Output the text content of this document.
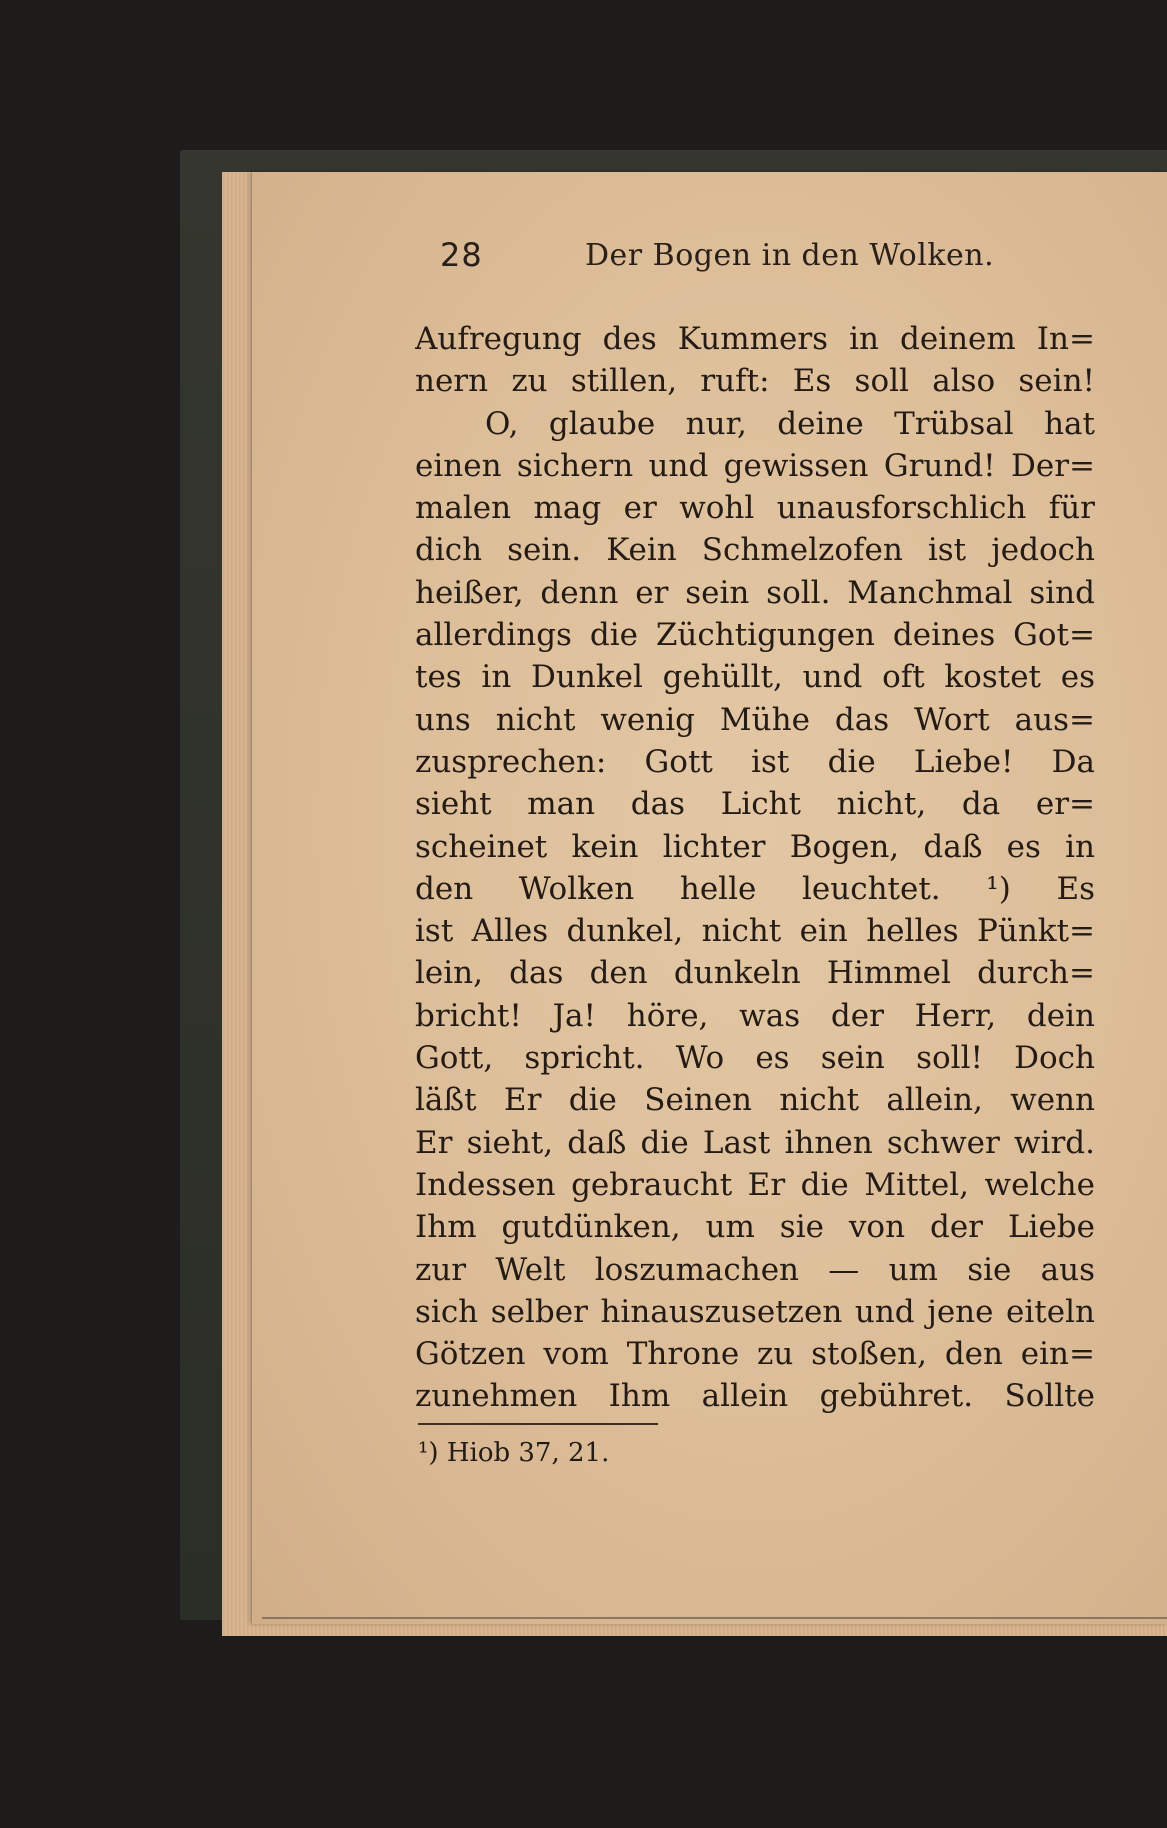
28	Der Bogen in den Wolken.
Aufregung des Kummers in deinem In=
nern zu stillen, ruft: Es soll also sein!
O, glaube nur, deine Trübsal hat
einen sichern und gewissen Grund! Der=
malen mag er wohl unausforschlich für
dich sein. Kein Schmelzofen ist jedoch
heißer, denn er sein soll. Manchmal sind
allerdings die Züchtigungen deines Got=
tes in Dunkel gehüllt, und oft kostet es
uns nicht wenig Mühe das Wort aus=
zusprechen: Gott ist die Liebe! Da
sieht man das Licht nicht, da er=
scheinet kein lichter Bogen, daß es in
den Wolken helle leuchtet. ¹) Es
ist Alles dunkel, nicht ein helles Pünkt=
lein, das den dunkeln Himmel durch=
bricht! Ja! höre, was der Herr, dein
Gott, spricht. Wo es sein soll! Doch
läßt Er die Seinen nicht allein, wenn
Er sieht, daß die Last ihnen schwer wird.
Indessen gebraucht Er die Mittel, welche
Ihm gutdünken, um sie von der Liebe
zur Welt loszumachen — um sie aus
sich selber hinauszusetzen und jene eiteln
Götzen vom Throne zu stoßen, den ein=
zunehmen Ihm allein gebühret. Sollte
¹) Hiob 37, 21.
